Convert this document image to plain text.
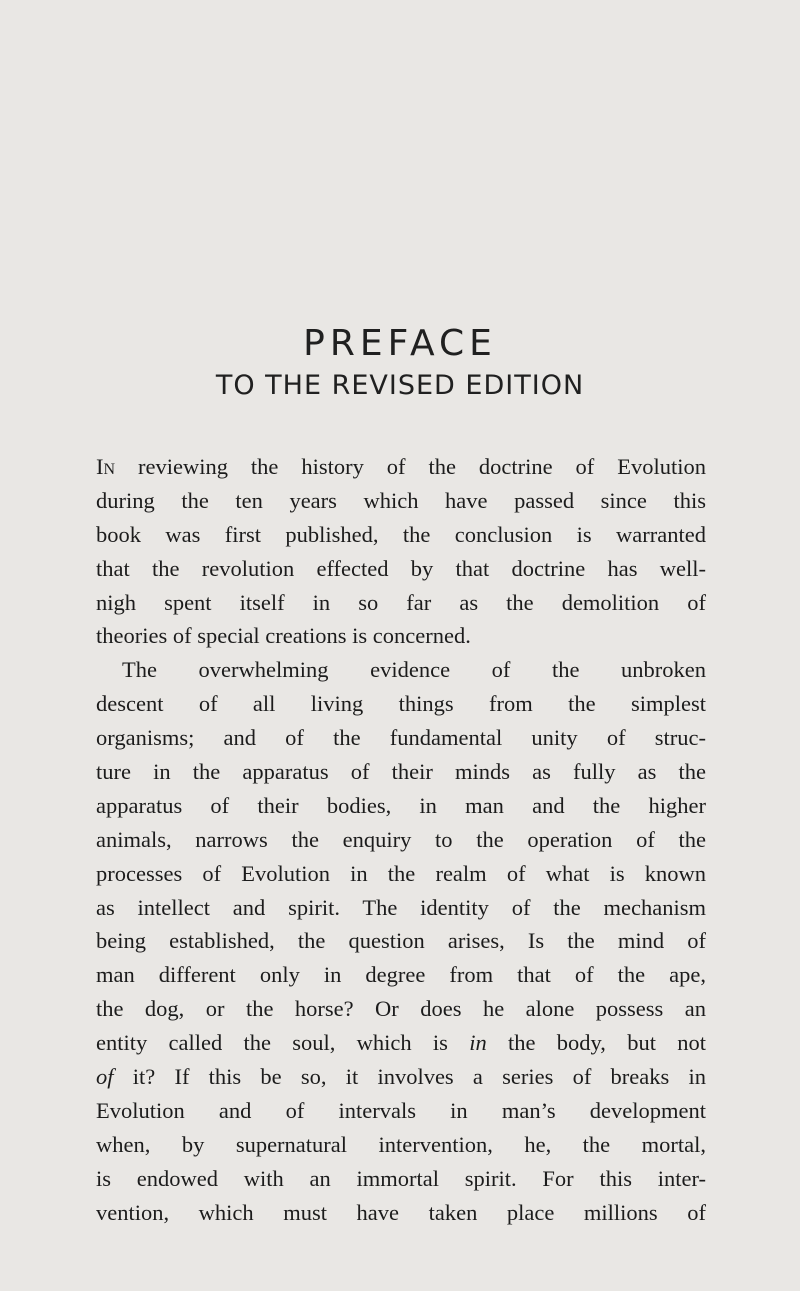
PREFACE
TO THE REVISED EDITION
In reviewing the history of the doctrine of Evolution
during the ten years which have passed since this
book was first published, the conclusion is warranted
that the revolution effected by that doctrine has well-
nigh spent itself in so far as the demolition of
theories of special creations is concerned.
The overwhelming evidence of the unbroken
descent of all living things from the simplest
organisms; and of the fundamental unity of struc-
ture in the apparatus of their minds as fully as the
apparatus of their bodies, in man and the higher
animals, narrows the enquiry to the operation of the
processes of Evolution in the realm of what is known
as intellect and spirit. The identity of the mechanism
being established, the question arises, Is the mind of
man different only in degree from that of the ape,
the dog, or the horse? Or does he alone possess an
entity called the soul, which is in the body, but not
of it? If this be so, it involves a series of breaks in
Evolution and of intervals in man’s development
when, by supernatural intervention, he, the mortal,
is endowed with an immortal spirit. For this inter-
vention, which must have taken place millions of
